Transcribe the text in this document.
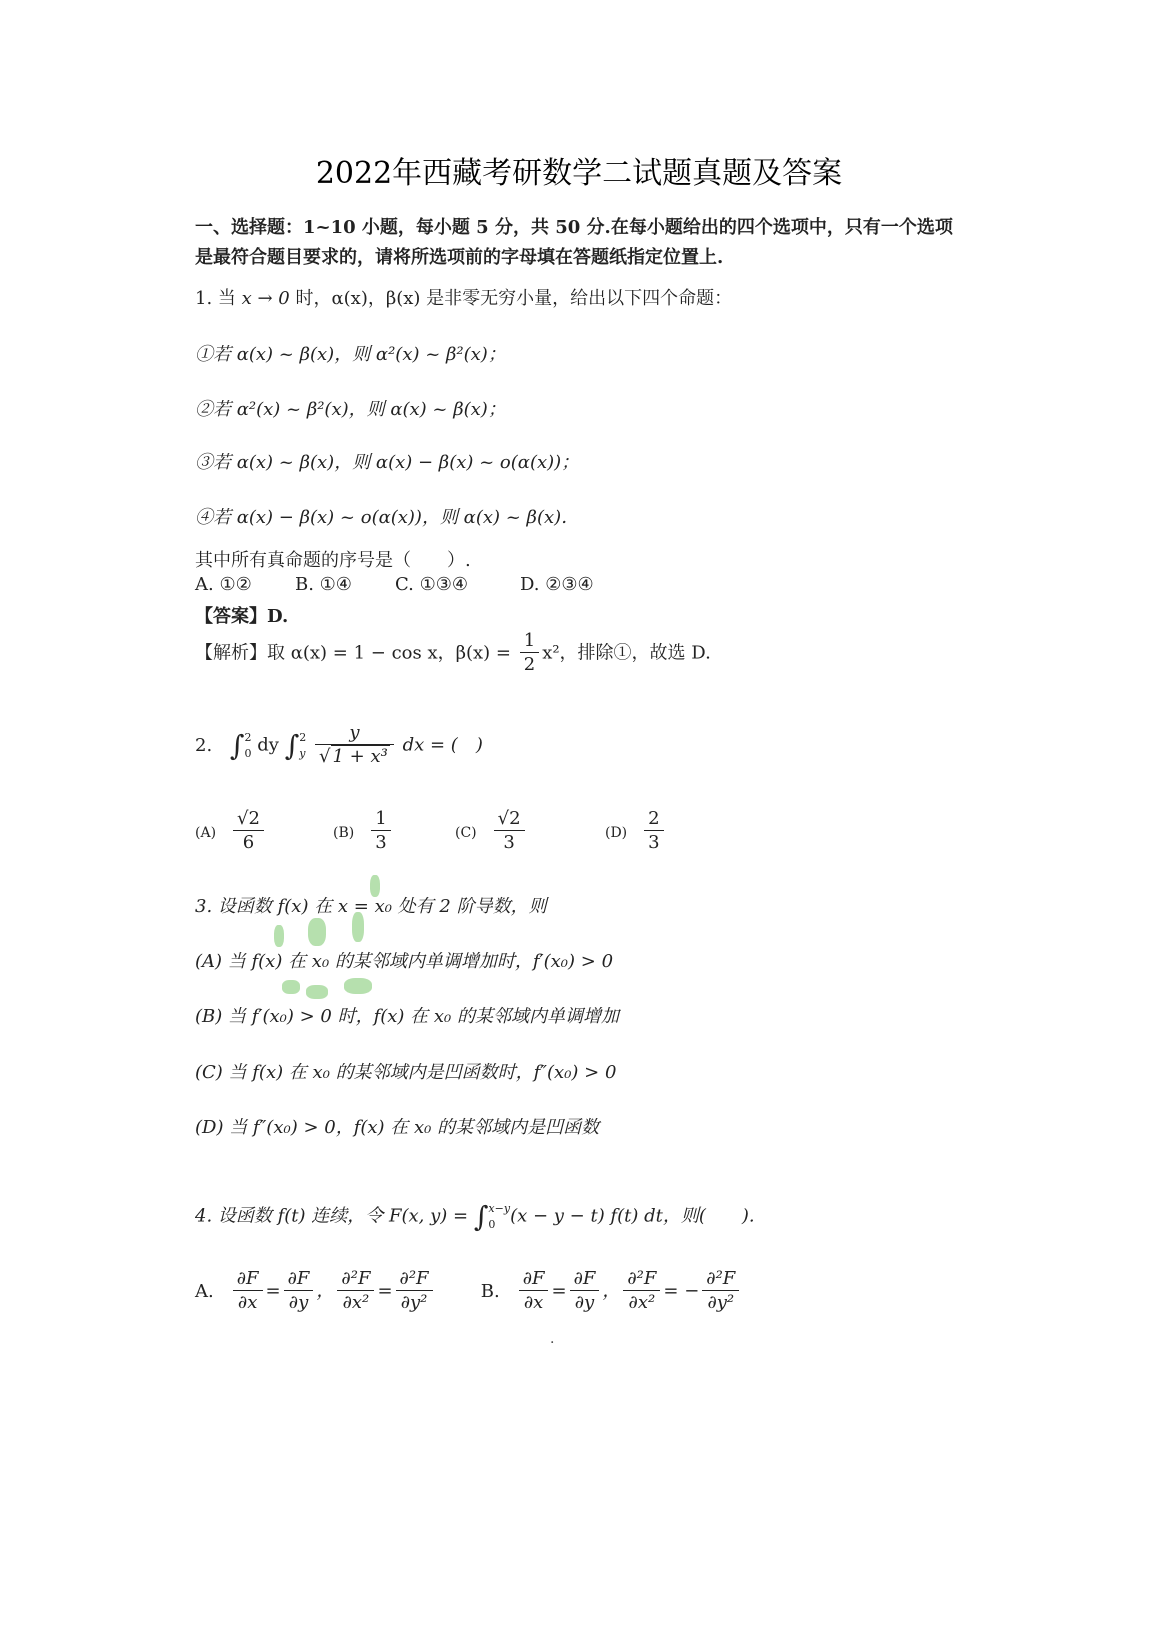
2022年西藏考研数学二试题真题及答案
一、选择题：1~10 小题，每小题 5 分，共 50 分.在每小题给出的四个选项中，只有一个选项
是最符合题目要求的，请将所选项前的字母填在答题纸指定位置上.
1. 当 x → 0 时，α(x)，β(x) 是非零无穷小量，给出以下四个命题：
①若 α(x) ~ β(x)，则 α²(x) ~ β²(x)；
②若 α²(x) ~ β²(x)，则 α(x) ~ β(x)；
③若 α(x) ~ β(x)，则 α(x) − β(x) ~ o(α(x))；
④若 α(x) − β(x) ~ o(α(x))，则 α(x) ~ β(x)．
其中所有真命题的序号是（　　）.
A. ①② B. ①④ C. ①③④	D. ②③④
【答案】D.
【解析】取 α(x) = 1 − cos x，$\beta(x) = \frac{1}{2} x^2$，排除①，故选 D.
2. ∫ 2
0 dy ∫ 2
y
$\frac{y}{\text{√ 1 + x³}}$ dx = (　)
$(A) \frac{√2}{6}$	$(B) \frac{1}{3}$	$(C) \frac{√2}{3}$	$(D) \frac{2}{3}$
3. 设函数 f(x) 在 x = x₀ 处有 2 阶导数，则
(A) 当 f(x) 在 x₀ 的某邻域内单调增加时，f′(x₀) > 0
(B) 当 f′(x₀) > 0 时，f(x) 在 x₀ 的某邻域内单调增加
(C) 当 f(x) 在 x₀ 的某邻域内是凹函数时，f″(x₀) > 0
(D) 当 f″(x₀) > 0，f(x) 在 x₀ 的某邻域内是凹函数
4. 设函数 f(t) 连续，令 F(x, y) = ∫ x−y
0 (x − y − t) f(t) dt，则(　　).
A. $\frac{\partial F}{\partial x} = \frac{\partial F}{\partial y}$ ， $\frac{\text{∂²F}}{\text{∂x²}} = \frac{\text{∂²F}}{\text{∂y²}}$	B. $\frac{\partial F}{\partial x} = \frac{\partial F}{\partial y}$ ， $\frac{\text{∂²F}}{\text{∂x²}}$ = − $\frac{\text{∂²F}}{\text{∂y²}}$
·
